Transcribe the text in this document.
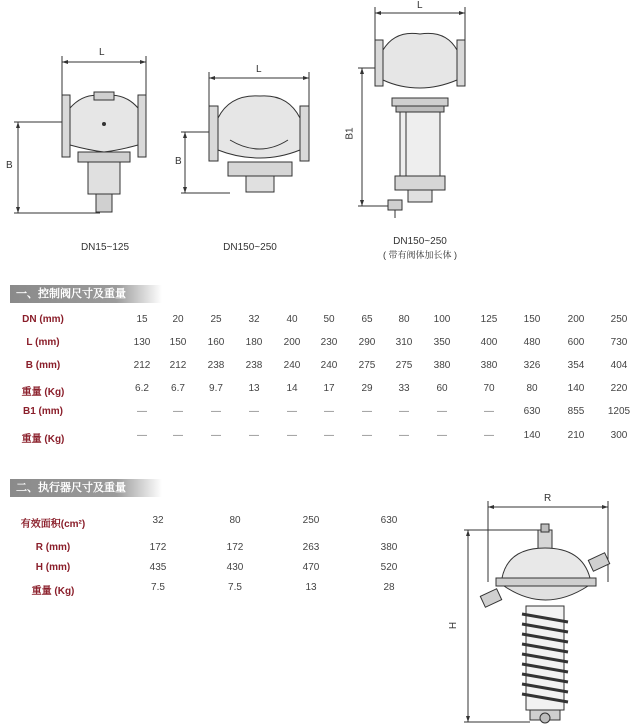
L
B
DN15~125
L
B
DN150~250
L
B1
DN150~250
( 带有阀体加长体 )
一、控制阀尺寸及重量
DN (mm)	15	20	25	32	40	50	65	80	100	125	150	200	250
L (mm)	130	150	160	180	200	230	290	310	350	400	480	600	730
B (mm)	212	212	238	238	240	240	275	275	380	380	326	354	404
重量 (Kg)	6.2	6.7	9.7	13	14	17	29	33	60	70	80	140	220
B1 (mm)	—	—	—	—	—	—	—	—	—	—	630	855	1205
重量 (Kg)	—	—	—	—	—	—	—	—	—	—	140	210	300
二、执行器尺寸及重量
有效面积(cm²)	32	80	250	630
R (mm)	172	172	263	380
H (mm)	435	430	470	520
重量 (Kg)	7.5	7.5	13	28
R
H
